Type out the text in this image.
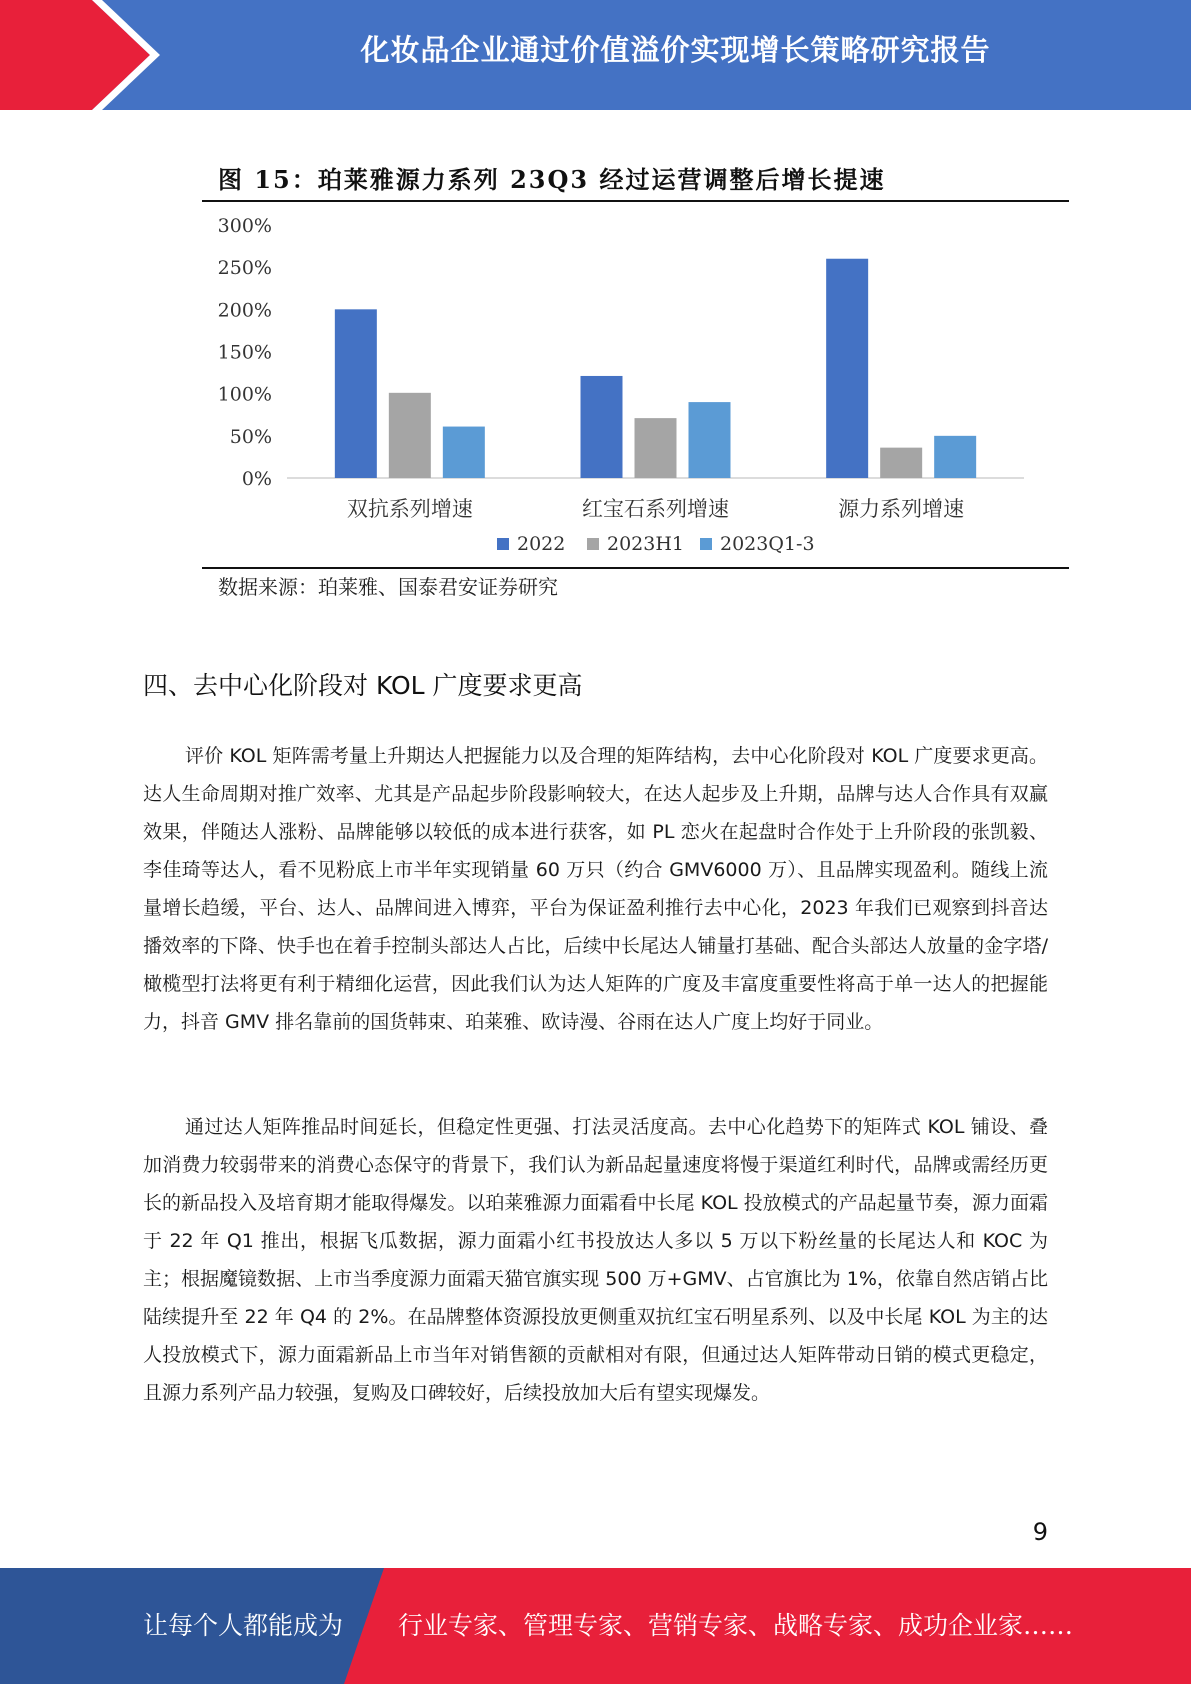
化妆品企业通过价值溢价实现增长策略研究报告
图 15：珀莱雅源力系列 23Q3 经过运营调整后增长提速
0%
50%
100%
150%
200%
250%
300%
双抗系列增速	红宝石系列增速	源力系列增速
2022 2023H1 2023Q1-3
数据来源：珀莱雅、国泰君安证券研究
四、去中心化阶段对 KOL 广度要求更高

评价 KOL 矩阵需考量上升期达人把握能力以及合理的矩阵结构，去中心化阶段对 KOL 广度要求更高。达人生命周期对推广效率、尤其是产品起步阶段影响较大，在达人起步及上升期，品牌与达人合作具有双赢效果，伴随达人涨粉、品牌能够以较低的成本进行获客，如 PL 恋火在起盘时合作处于上升阶段的张凯毅、李佳琦等达人，看不见粉底上市半年实现销量 60 万只（约合 GMV6000 万）、且品牌实现盈利。随线上流量增长趋缓，平台、达人、品牌间进入博弈，平台为保证盈利推行去中心化，2023 年我们已观察到抖音达播效率的下降、快手也在着手控制头部达人占比，后续中长尾达人铺量打基础、配合头部达人放量的金字塔/橄榄型打法将更有利于精细化运营，因此我们认为达人矩阵的广度及丰富度重要性将高于单一达人的把握能力，抖音 GMV 排名靠前的国货韩束、珀莱雅、欧诗漫、谷雨在达人广度上均好于同业。

通过达人矩阵推品时间延长，但稳定性更强、打法灵活度高。去中心化趋势下的矩阵式 KOL 铺设、叠加消费力较弱带来的消费心态保守的背景下，我们认为新品起量速度将慢于渠道红利时代，品牌或需经历更长的新品投入及培育期才能取得爆发。以珀莱雅源力面霜看中长尾 KOL 投放模式的产品起量节奏，源力面霜于 22 年 Q1 推出，根据飞瓜数据，源力面霜小红书投放达人多以 5 万以下粉丝量的长尾达人和 KOC 为主；根据魔镜数据、上市当季度源力面霜天猫官旗实现 500 万+GMV、占官旗比为 1%，依靠自然店销占比陆续提升至 22 年 Q4 的 2%。在品牌整体资源投放更侧重双抗红宝石明星系列、以及中长尾 KOL 为主的达人投放模式下，源力面霜新品上市当年对销售额的贡献相对有限，但通过达人矩阵带动日销的模式更稳定，且源力系列产品力较强，复购及口碑较好，后续投放加大后有望实现爆发。

9
让每个人都能成为 行业专家、管理专家、营销专家、战略专家、成功企业家……
